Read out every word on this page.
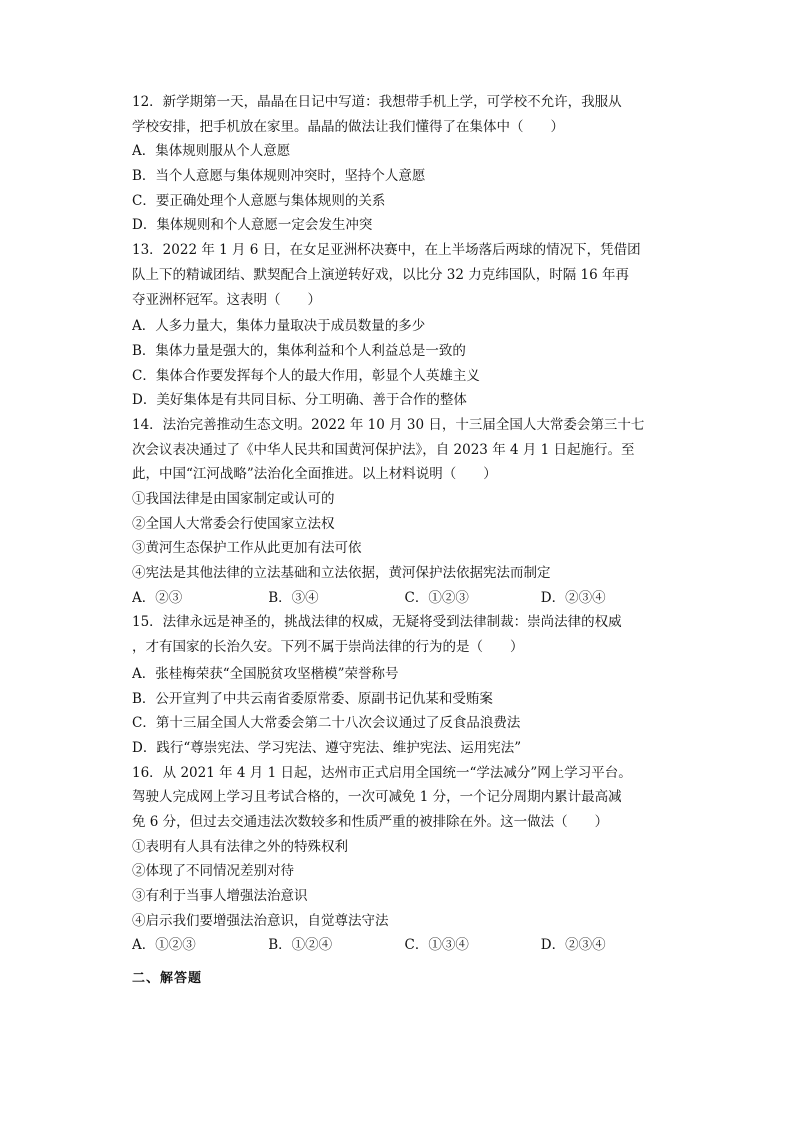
12．新学期第一天，晶晶在日记中写道：我想带手机上学，可学校不允许，我服从
学校安排，把手机放在家里。晶晶的做法让我们懂得了在集体中（　　）
A．集体规则服从个人意愿
B．当个人意愿与集体规则冲突时，坚持个人意愿
C．要正确处理个人意愿与集体规则的关系
D．集体规则和个人意愿一定会发生冲突
13．2022 年 1 月 6 日，在女足亚洲杯决赛中，在上半场落后两球的情况下，凭借团
队上下的精诚团结、默契配合上演逆转好戏，以比分 32 力克纬国队，时隔 16 年再
夺亚洲杯冠军。这表明（　　）
A．人多力量大，集体力量取决于成员数量的多少
B．集体力量是强大的，集体利益和个人利益总是一致的
C．集体合作要发挥每个人的最大作用，彰显个人英雄主义
D．美好集体是有共同目标、分工明确、善于合作的整体
14．法治完善推动生态文明。2022 年 10 月 30 日，十三届全国人大常委会第三十七
次会议表决通过了《中华人民共和国黄河保护法》，自 2023 年 4 月 1 日起施行。至
此，中国“江河战略”法治化全面推进。以上材料说明（　　）
①我国法律是由国家制定或认可的
②全国人大常委会行使国家立法权
③黄河生态保护工作从此更加有法可依
④宪法是其他法律的立法基础和立法依据，黄河保护法依据宪法而制定
A．②③	B．③④	C．①②③	D．②③④
15．法律永远是神圣的，挑战法律的权威，无疑将受到法律制裁：崇尚法律的权威
，才有国家的长治久安。下列不属于崇尚法律的行为的是（　　）
A．张桂梅荣获“全国脱贫攻坚楷模”荣誉称号
B．公开宣判了中共云南省委原常委、原副书记仇某和受贿案
C．第十三届全国人大常委会第二十八次会议通过了反食品浪费法
D．践行“尊崇宪法、学习宪法、遵守宪法、维护宪法、运用宪法”
16．从 2021 年 4 月 1 日起，达州市正式启用全国统一“学法减分”网上学习平台。
驾驶人完成网上学习且考试合格的，一次可减免 1 分，一个记分周期内累计最高减
免 6 分，但过去交通违法次数较多和性质严重的被排除在外。这一做法（　　）
①表明有人具有法律之外的特殊权利
②体现了不同情况差别对待
③有利于当事人增强法治意识
④启示我们要增强法治意识，自觉尊法守法
A．①②③	B．①②④	C．①③④	D．②③④
二、解答题
